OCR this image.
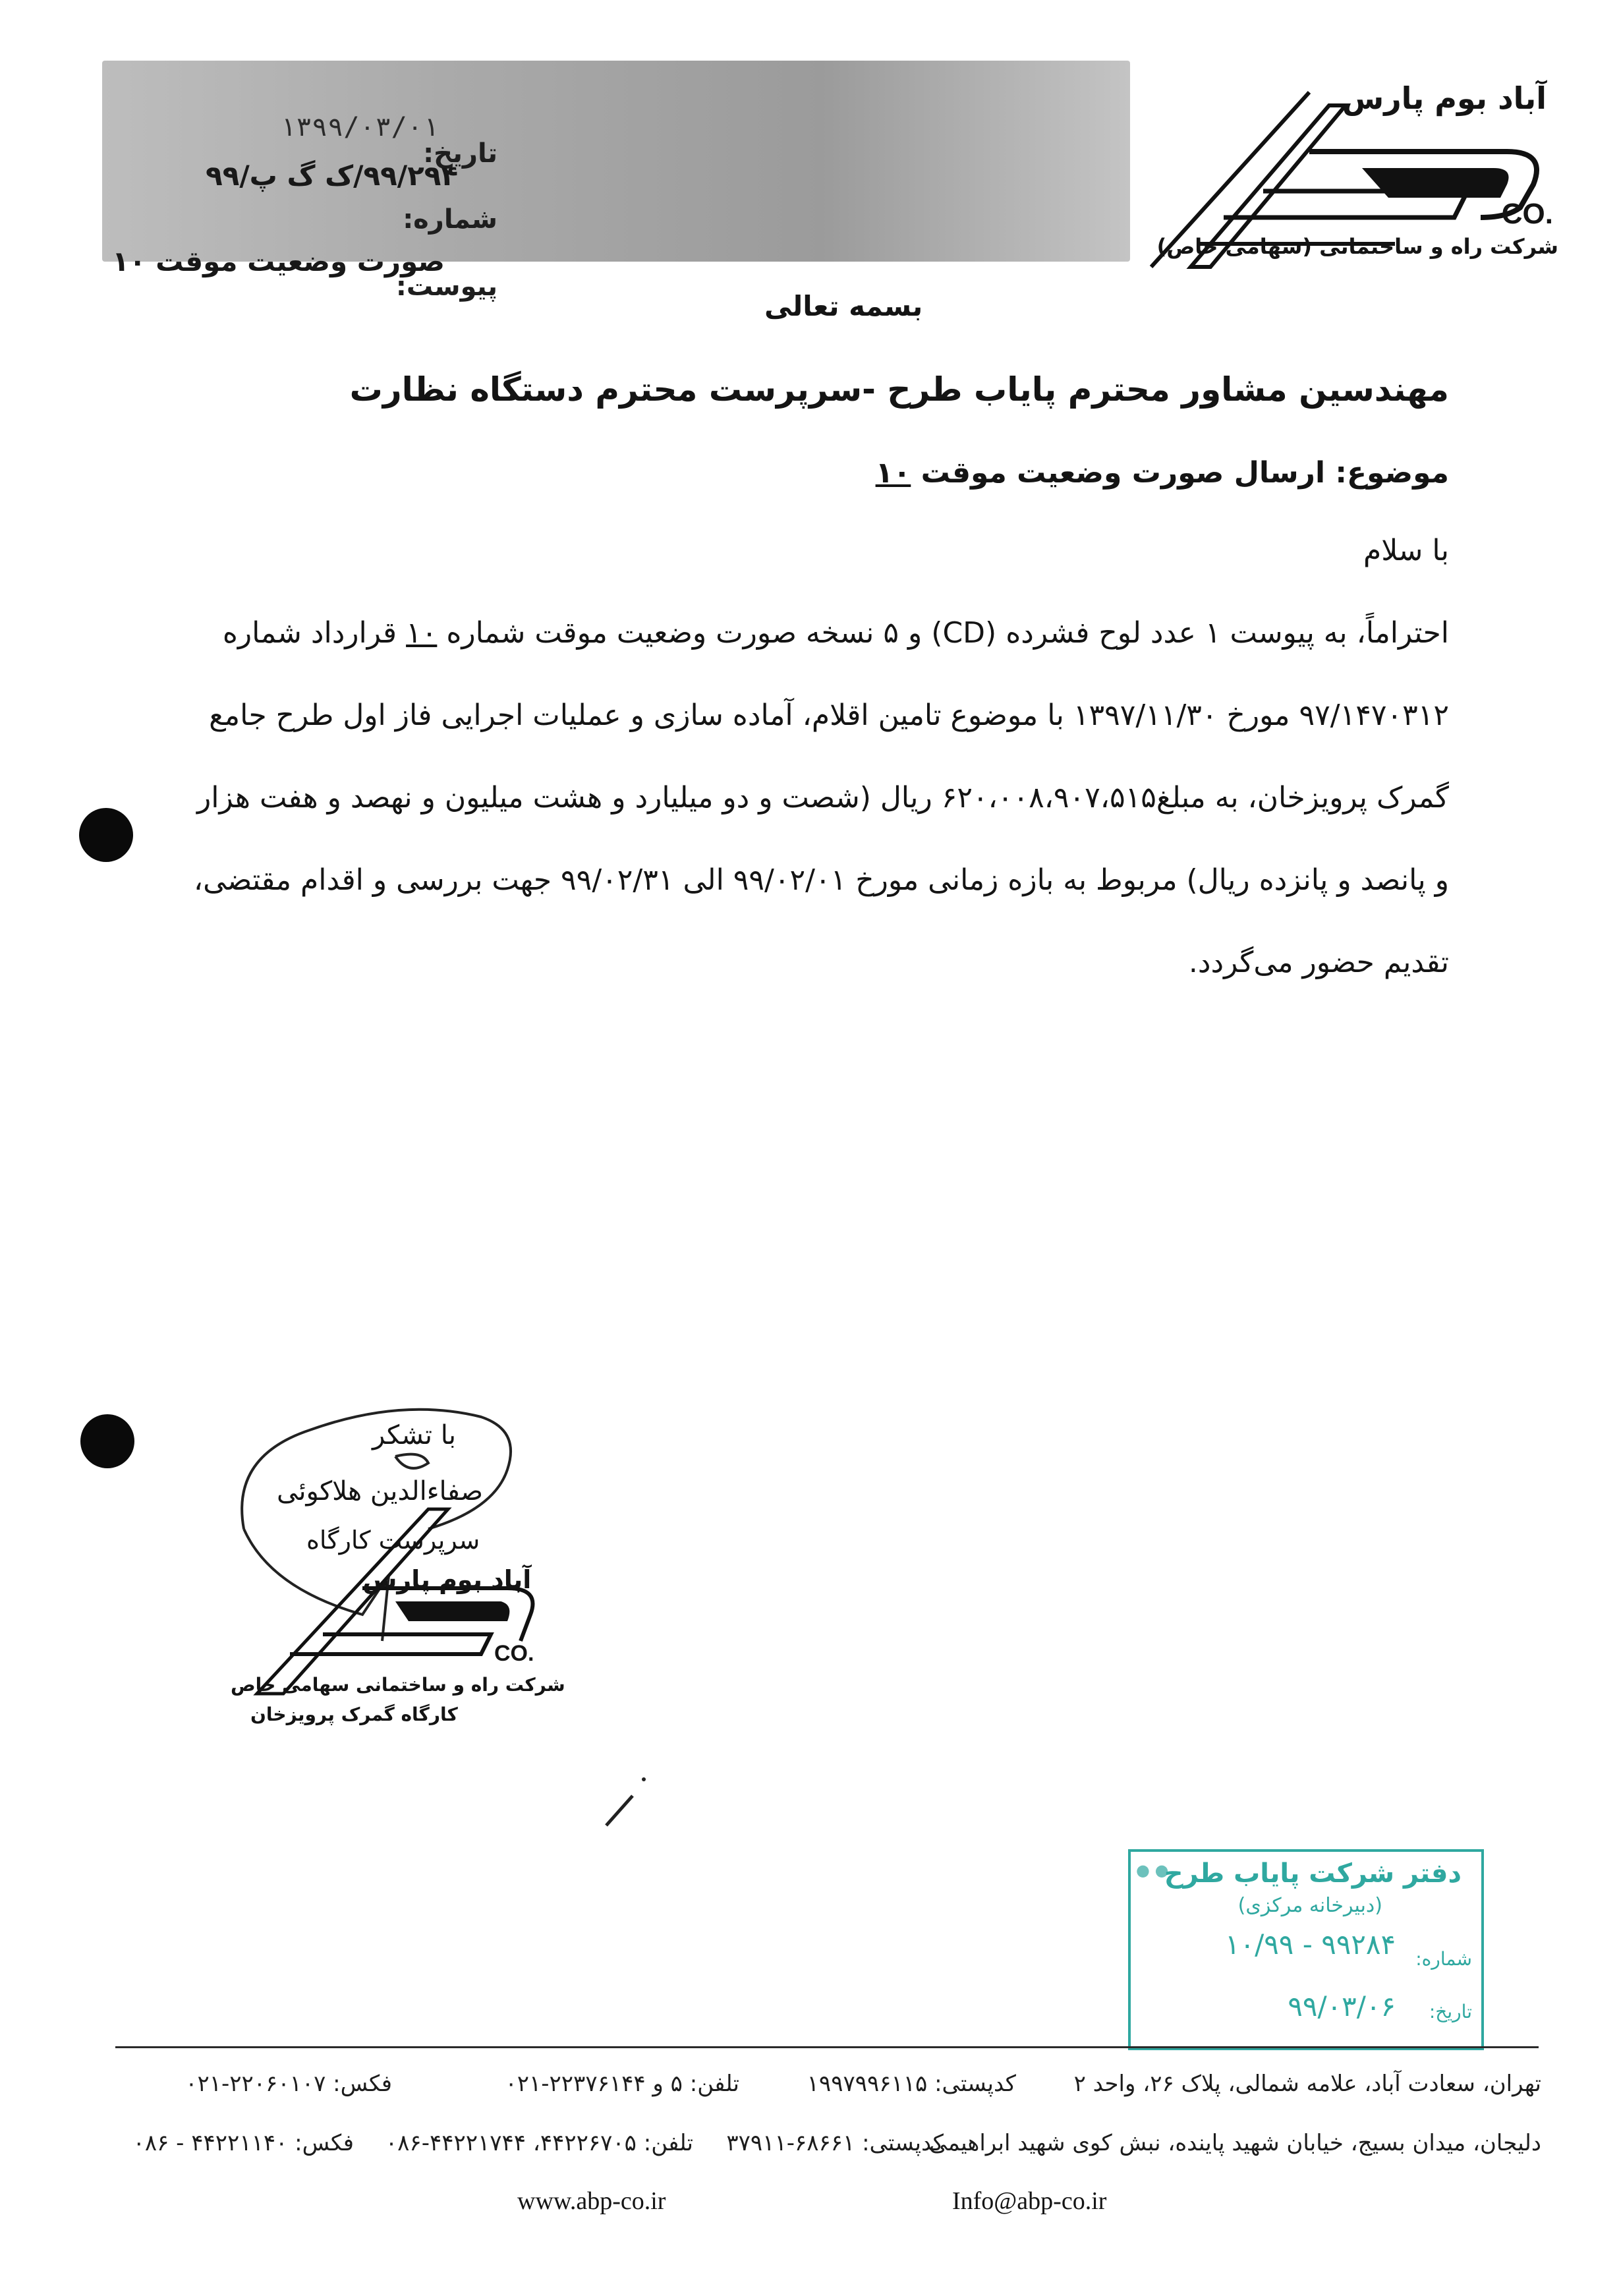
۱۳۹۹/۰۳/۰۱
تاریخ:
۹۹/۲۹۴/ک گ پ/۹۹
شماره:
صورت وضعیت موقت ۱۰
پیوست:
آباد بوم پارس
CO.
شرکت راه و ساختمانی (سهامی خاص)
بسمه تعالی
مهندسین مشاور محترم پایاب طرح -سرپرست محترم دستگاه نظارت
موضوع: ارسال صورت وضعیت موقت ۱۰
با سلام
احتراماً، به پیوست ۱ عدد لوح فشرده (CD) و ۵ نسخه صورت وضعیت موقت شماره ۱۰ قرارداد شماره
۹۷/۱۴۷۰۳۱۲ مورخ ۱۳۹۷/۱۱/۳۰ با موضوع تامین اقلام، آماده سازی و عملیات اجرایی فاز اول طرح جامع
گمرک پرویزخان، به مبلغ۶۲۰،۰۰۸،۹۰۷،۵۱۵ ریال (شصت و دو میلیارد و هشت میلیون و نهصد و هفت هزار
و پانصد و پانزده ریال) مربوط به بازه زمانی مورخ ۹۹/۰۲/۰۱ الی ۹۹/۰۲/۳۱ جهت بررسی و اقدام مقتضی،
تقدیم حضور می‌گردد.
با تشکر
صفاءالدین هلاکوئی
سرپرست کارگاه
آباد بوم پارس
CO.
شرکت راه و ساختمانی سهامی خاص
کارگاه گمرک پرویزخان
● ●
دفتر شرکت پایاب طرح
(دبیرخانه مرکزی)
شماره:
۹۹۲۸۴ - ۱۰/۹۹
تاریخ:
۹۹/۰۳/۰۶
تهران، سعادت آباد، علامه شمالی، پلاک ۲۶، واحد ۲
کدپستی: ۱۹۹۷۹۹۶۱۱۵
تلفن: ۵ و ۲۲۳۷۶۱۴۴-۰۲۱
فکس: ۲۲۰۶۰۱۰۷-۰۲۱
دلیجان، میدان بسیج، خیابان شهید پاینده، نبش کوی شهید ابراهیمی
کدپستی: ۶۸۶۶۱-۳۷۹۱۱
تلفن: ۴۴۲۲۶۷۰۵، ۴۴۲۲۱۷۴۴-۰۸۶
فکس: ۴۴۲۲۱۱۴۰ - ۰۸۶
www.abp-co.ir	Info@abp-co.ir
